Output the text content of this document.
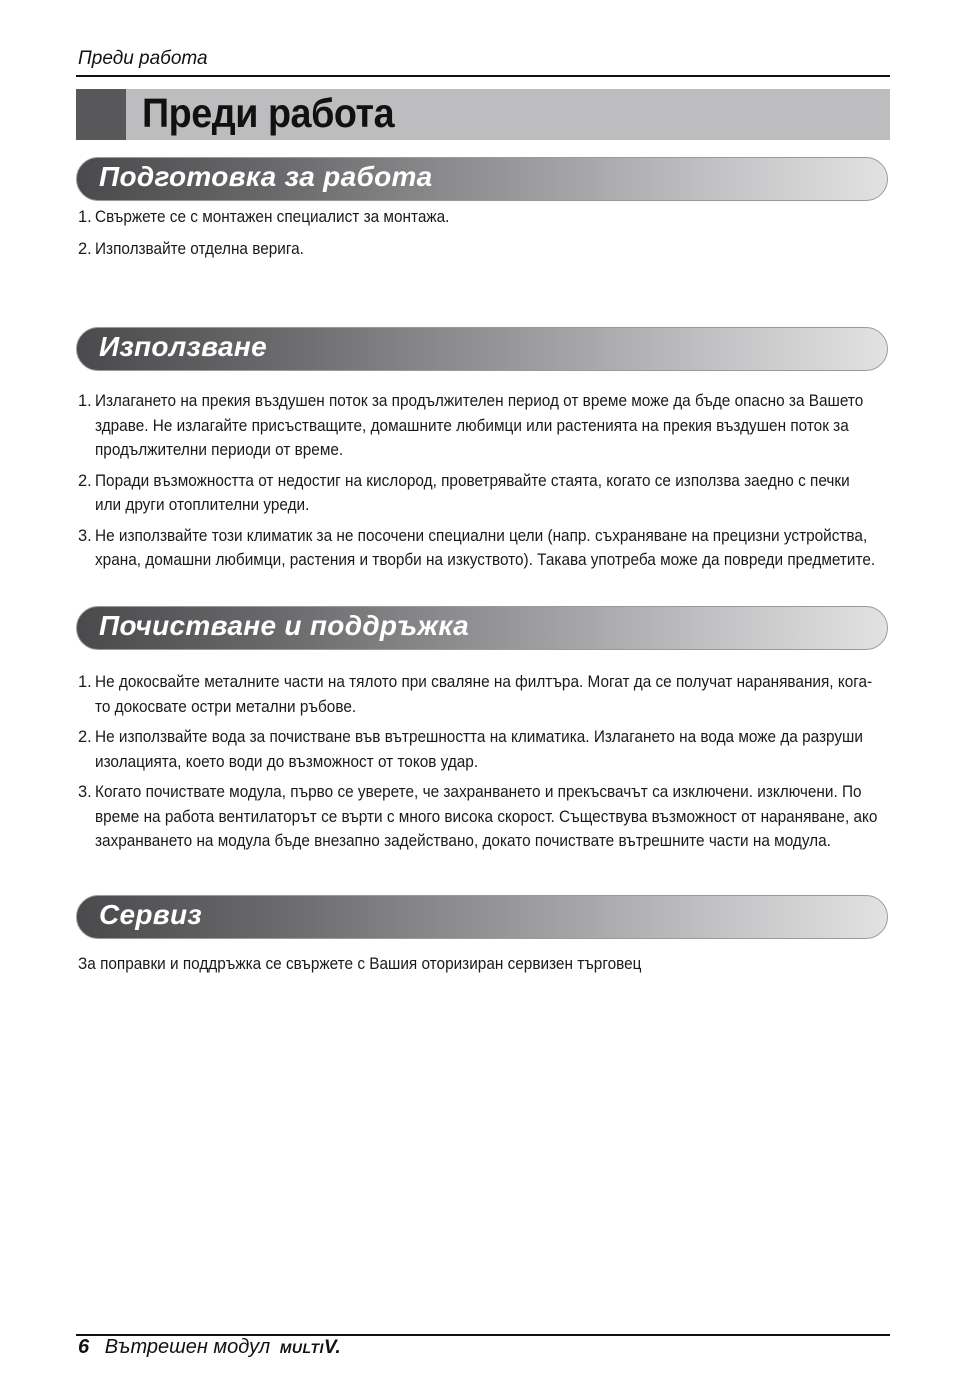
Преди работа
Преди работа
Подготовка за работа
1. Свържете се с монтажен специалист за монтажа.
2. Използвайте отделна верига.
Използване
1. Излагането на прекия въздушен поток за продължителен период от време може да бъде опасно за Вашето
здраве. Не излагайте присъстващите, домашните любимци или растенията на прекия въздушен поток за
продължителни периоди от време.
2. Поради възможността от недостиг на кислород, проветрявайте стаята, когато се използва заедно с печки
или други отоплителни уреди.
3. Не използвайте този климатик за не посочени специални цели (напр. съхраняване на прецизни устройства,
храна, домашни любимци, растения и творби на изкуството). Такава употреба може да повреди предметите.
Почистване и поддръжка
1. Не докосвайте металните части на тялото при сваляне на филтъра. Могат да се получат наранявания, кога-
то докосвате остри метални ръбове.
2. Не използвайте вода за почистване във вътрешността на климатика. Излагането на вода може да разруши
изолацията, което води до възможност от токов удар.
3. Когато почиствате модула, първо се уверете, че захранването и прекъсвачът са изключени. изключени. По
време на работа вентилаторът се върти с много висока скорост. Съществува възможност от нараняване, ако
захранването на модула бъде внезапно задействано, докато почиствате вътрешните части на модула.
Сервиз
За поправки и поддръжка се свържете с Вашия оторизиран сервизен търговец
6 Вътрешен модул MULTIV.
